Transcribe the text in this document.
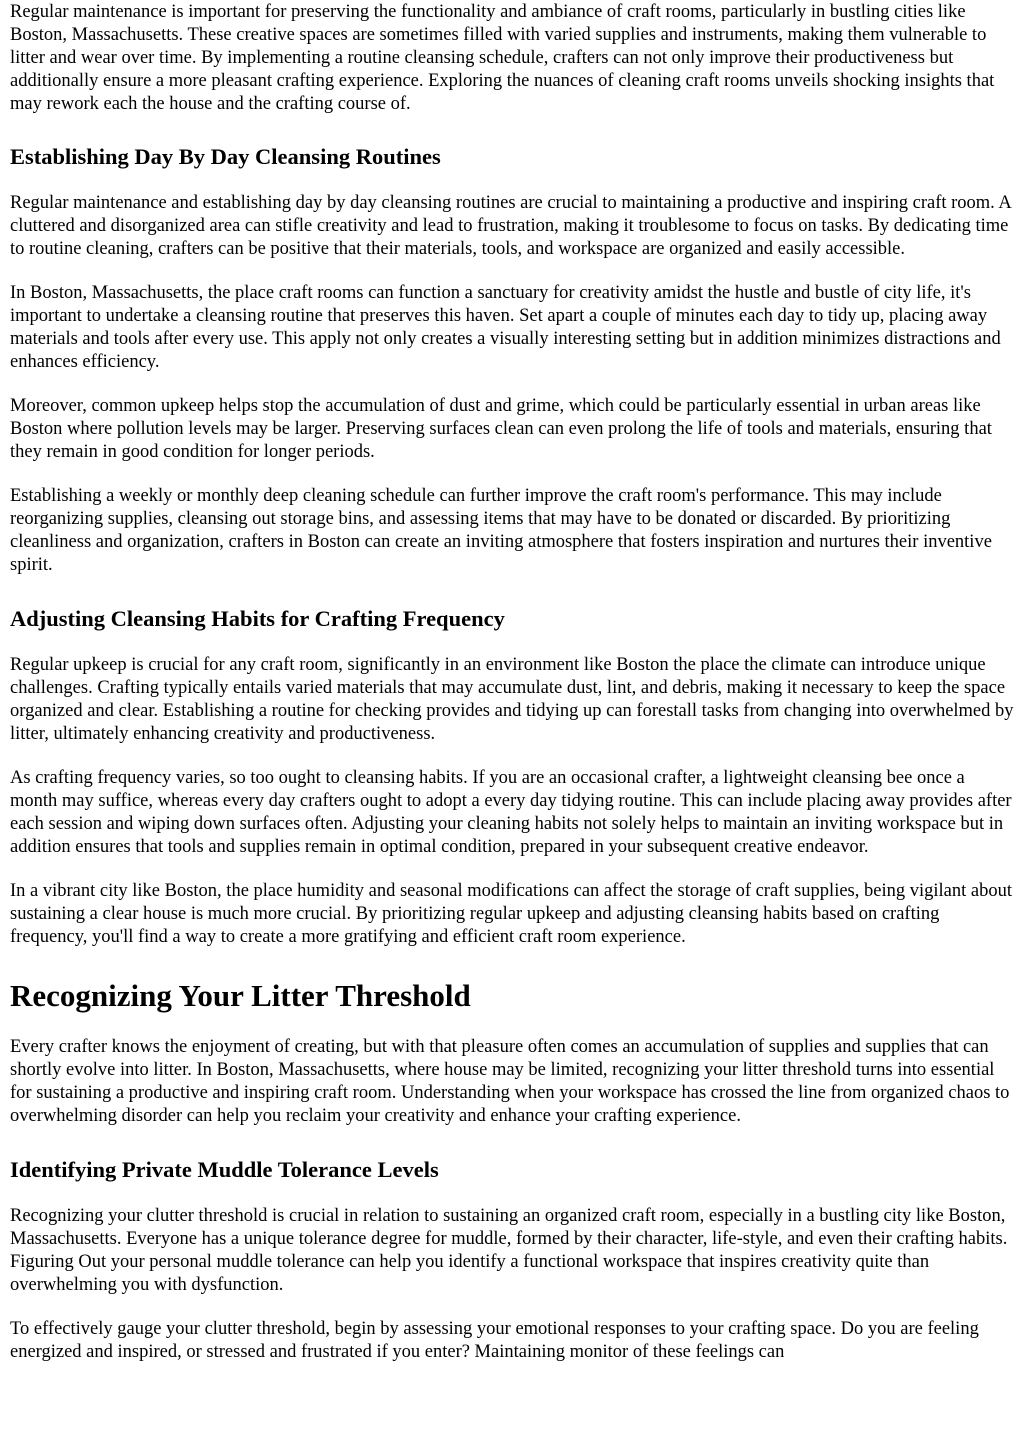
Regular maintenance is important for preserving the functionality and ambiance of craft rooms, particularly in bustling cities like Boston, Massachusetts. These creative spaces are sometimes filled with varied supplies and instruments, making them vulnerable to litter and wear over time. By implementing a routine cleansing schedule, crafters can not only improve their productiveness but additionally ensure a more pleasant crafting experience. Exploring the nuances of cleaning craft rooms unveils shocking insights that may rework each the house and the crafting course of.

Establishing Day By Day Cleansing Routines

Regular maintenance and establishing day by day cleansing routines are crucial to maintaining a productive and inspiring craft room. A cluttered and disorganized area can stifle creativity and lead to frustration, making it troublesome to focus on tasks. By dedicating time to routine cleaning, crafters can be positive that their materials, tools, and workspace are organized and easily accessible.

In Boston, Massachusetts, the place craft rooms can function a sanctuary for creativity amidst the hustle and bustle of city life, it's important to undertake a cleansing routine that preserves this haven. Set apart a couple of minutes each day to tidy up, placing away materials and tools after every use. This apply not only creates a visually interesting setting but in addition minimizes distractions and enhances efficiency.

Moreover, common upkeep helps stop the accumulation of dust and grime, which could be particularly essential in urban areas like Boston where pollution levels may be larger. Preserving surfaces clean can even prolong the life of tools and materials, ensuring that they remain in good condition for longer periods.

Establishing a weekly or monthly deep cleaning schedule can further improve the craft room's performance. This may include reorganizing supplies, cleansing out storage bins, and assessing items that may have to be donated or discarded. By prioritizing cleanliness and organization, crafters in Boston can create an inviting atmosphere that fosters inspiration and nurtures their inventive spirit.

Adjusting Cleansing Habits for Crafting Frequency

Regular upkeep is crucial for any craft room, significantly in an environment like Boston the place the climate can introduce unique challenges. Crafting typically entails varied materials that may accumulate dust, lint, and debris, making it necessary to keep the space organized and clear. Establishing a routine for checking provides and tidying up can forestall tasks from changing into overwhelmed by litter, ultimately enhancing creativity and productiveness.

As crafting frequency varies, so too ought to cleansing habits. If you are an occasional crafter, a lightweight cleansing bee once a month may suffice, whereas every day crafters ought to adopt a every day tidying routine. This can include placing away provides after each session and wiping down surfaces often. Adjusting your cleaning habits not solely helps to maintain an inviting workspace but in addition ensures that tools and supplies remain in optimal condition, prepared in your subsequent creative endeavor.

In a vibrant city like Boston, the place humidity and seasonal modifications can affect the storage of craft supplies, being vigilant about sustaining a clear house is much more crucial. By prioritizing regular upkeep and adjusting cleansing habits based on crafting frequency, you'll find a way to create a more gratifying and efficient craft room experience.

Recognizing Your Litter Threshold

Every crafter knows the enjoyment of creating, but with that pleasure often comes an accumulation of supplies and supplies that can shortly evolve into litter. In Boston, Massachusetts, where house may be limited, recognizing your litter threshold turns into essential for sustaining a productive and inspiring craft room. Understanding when your workspace has crossed the line from organized chaos to overwhelming disorder can help you reclaim your creativity and enhance your crafting experience.

Identifying Private Muddle Tolerance Levels

Recognizing your clutter threshold is crucial in relation to sustaining an organized craft room, especially in a bustling city like Boston, Massachusetts. Everyone has a unique tolerance degree for muddle, formed by their character, life-style, and even their crafting habits. Figuring Out your personal muddle tolerance can help you identify a functional workspace that inspires creativity quite than overwhelming you with dysfunction.

To effectively gauge your clutter threshold, begin by assessing your emotional responses to your crafting space. Do you are feeling energized and inspired, or stressed and frustrated if you enter? Maintaining monitor of these feelings can
